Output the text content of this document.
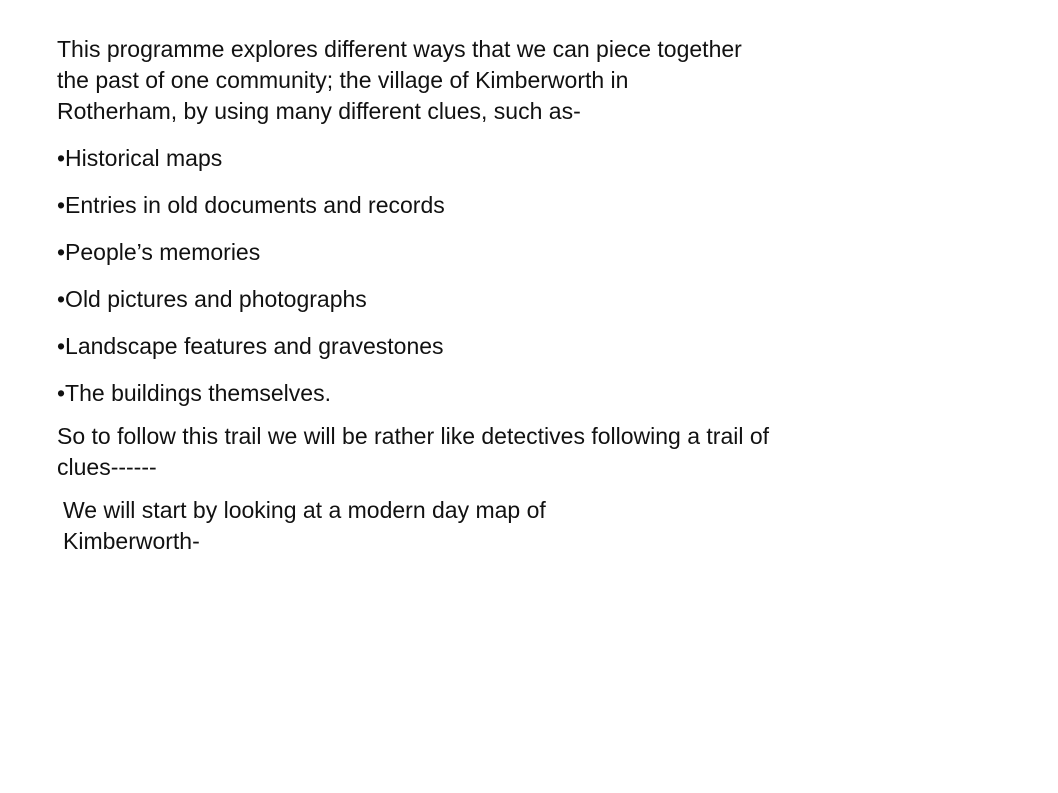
This programme explores different ways that we can piece together the past of one community; the village of Kimberworth in Rotherham, by using many different clues, such as-

•Historical maps
•Entries in old documents and records
•People’s memories
•Old pictures and photographs
•Landscape features and gravestones
•The buildings themselves.

So to follow this trail we will be rather like detectives following a trail of clues------

We will start by looking at a modern day map of Kimberworth-
